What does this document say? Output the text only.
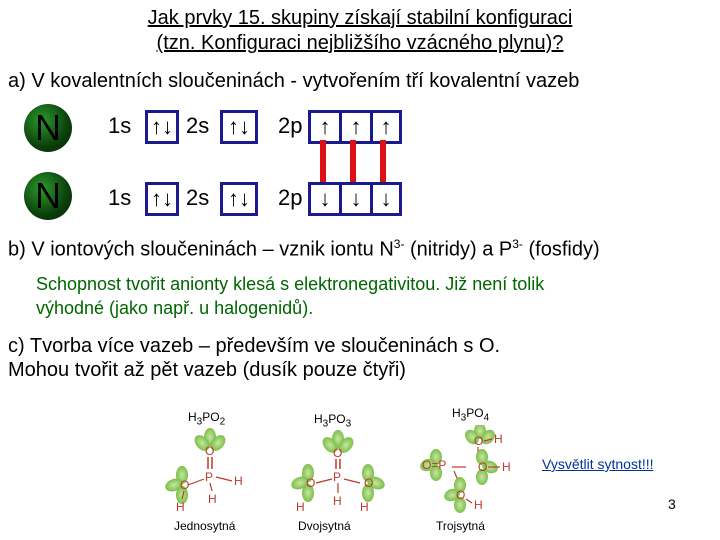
Jak prvky 15. skupiny získají stabilní konfiguraci
(tzn. Konfiguraci nejbližšího vzácného plynu)?
a) V kovalentních sloučeninách - vytvořením tří kovalentní vazeb
N	1s ↑↓ 2s ↑↓	2p ↑ ↑ ↑
N	1s ↑↓ 2s ↑↓	2p ↓ ↓ ↓
b) V iontových sloučeninách – vznik iontu $N^{3-}$ (nitridy) a $P^{3-}$ (fosfidy)
Schopnost tvořit anionty klesá s elektronegativitou. Již není tolik
výhodné (jako např. u halogenidů).
c) Tvorba více vazeb – především ve sloučeninách s O.
Mohou tvořit až pět vazeb (dusík pouze čtyři)
$H_3PO_2$	$H_3PO_3$
$H_3PO_4$
O
P H
H
O
H
O
P
H
O
H
O
H
O H
O=P	O H
O
H
Jednosytná	Dvojsytná	Trojsytná
Vysvětlit sytnost!!!
3
